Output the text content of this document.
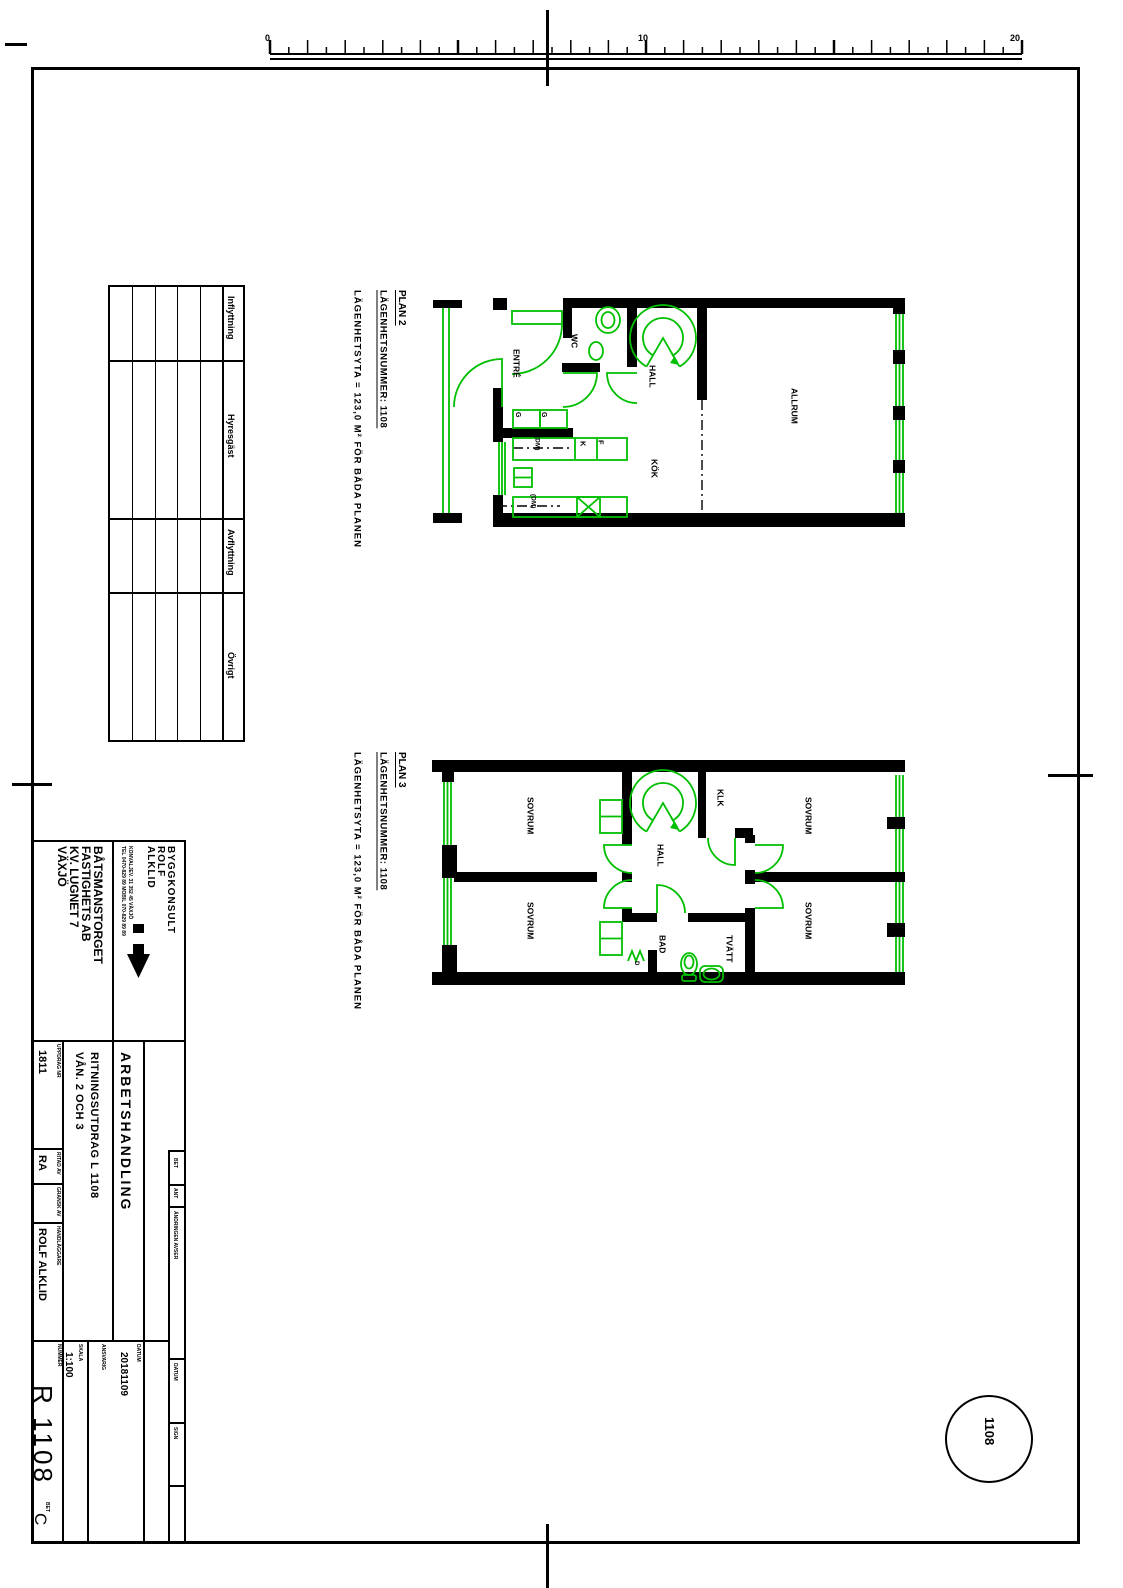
0	10	20
Inflyttning
Hyresgäst
Avflyttning
Övrigt
PLAN 2
LÄGENHETSNUMMER: 1108
LÄGENHETSYTA = 123,0 M² FÖR BÅDA PLANEN	ENTRÉ
WC
HALL
KÖK
ALLRUM
G	G
(DM)	K F
(DM)
PLAN 3
LÄGENHETSNUMMER: 1108
LÄGENHETSYTA = 123,0 M² FÖR BÅDA PLANEN	SOVRUM
SOVRUM
SOVRUM
SOVRUM
HALL
KLK
BAD	TVÄTT
D
BYGGKONSULT
ROLF
ALKLID
KONVALJEV. 31 352 45 VÄXJÖ
TEL 0470-829 89 MOBIL 070-829 89 89
BÅTSMANSTORGET
FASTIGHETS AB
KV. LUGNET 7
VÄXJÖ
ARBETSHANDLING
RITNINGSUTDRAG L 1108
VÅN. 2 OCH 3
UPPDRAG NR
1811
RITAD AV
RA
GRANSK AV
HANDLÄGGARE
ROLF ALKLID
DATUM
20181109
ANSVARIG
SKALA
1:100
NUMMER
R 1108
BET
C
BET
ANT
ÄNDRINGEN AVSER
DATUM
SIGN	1108
